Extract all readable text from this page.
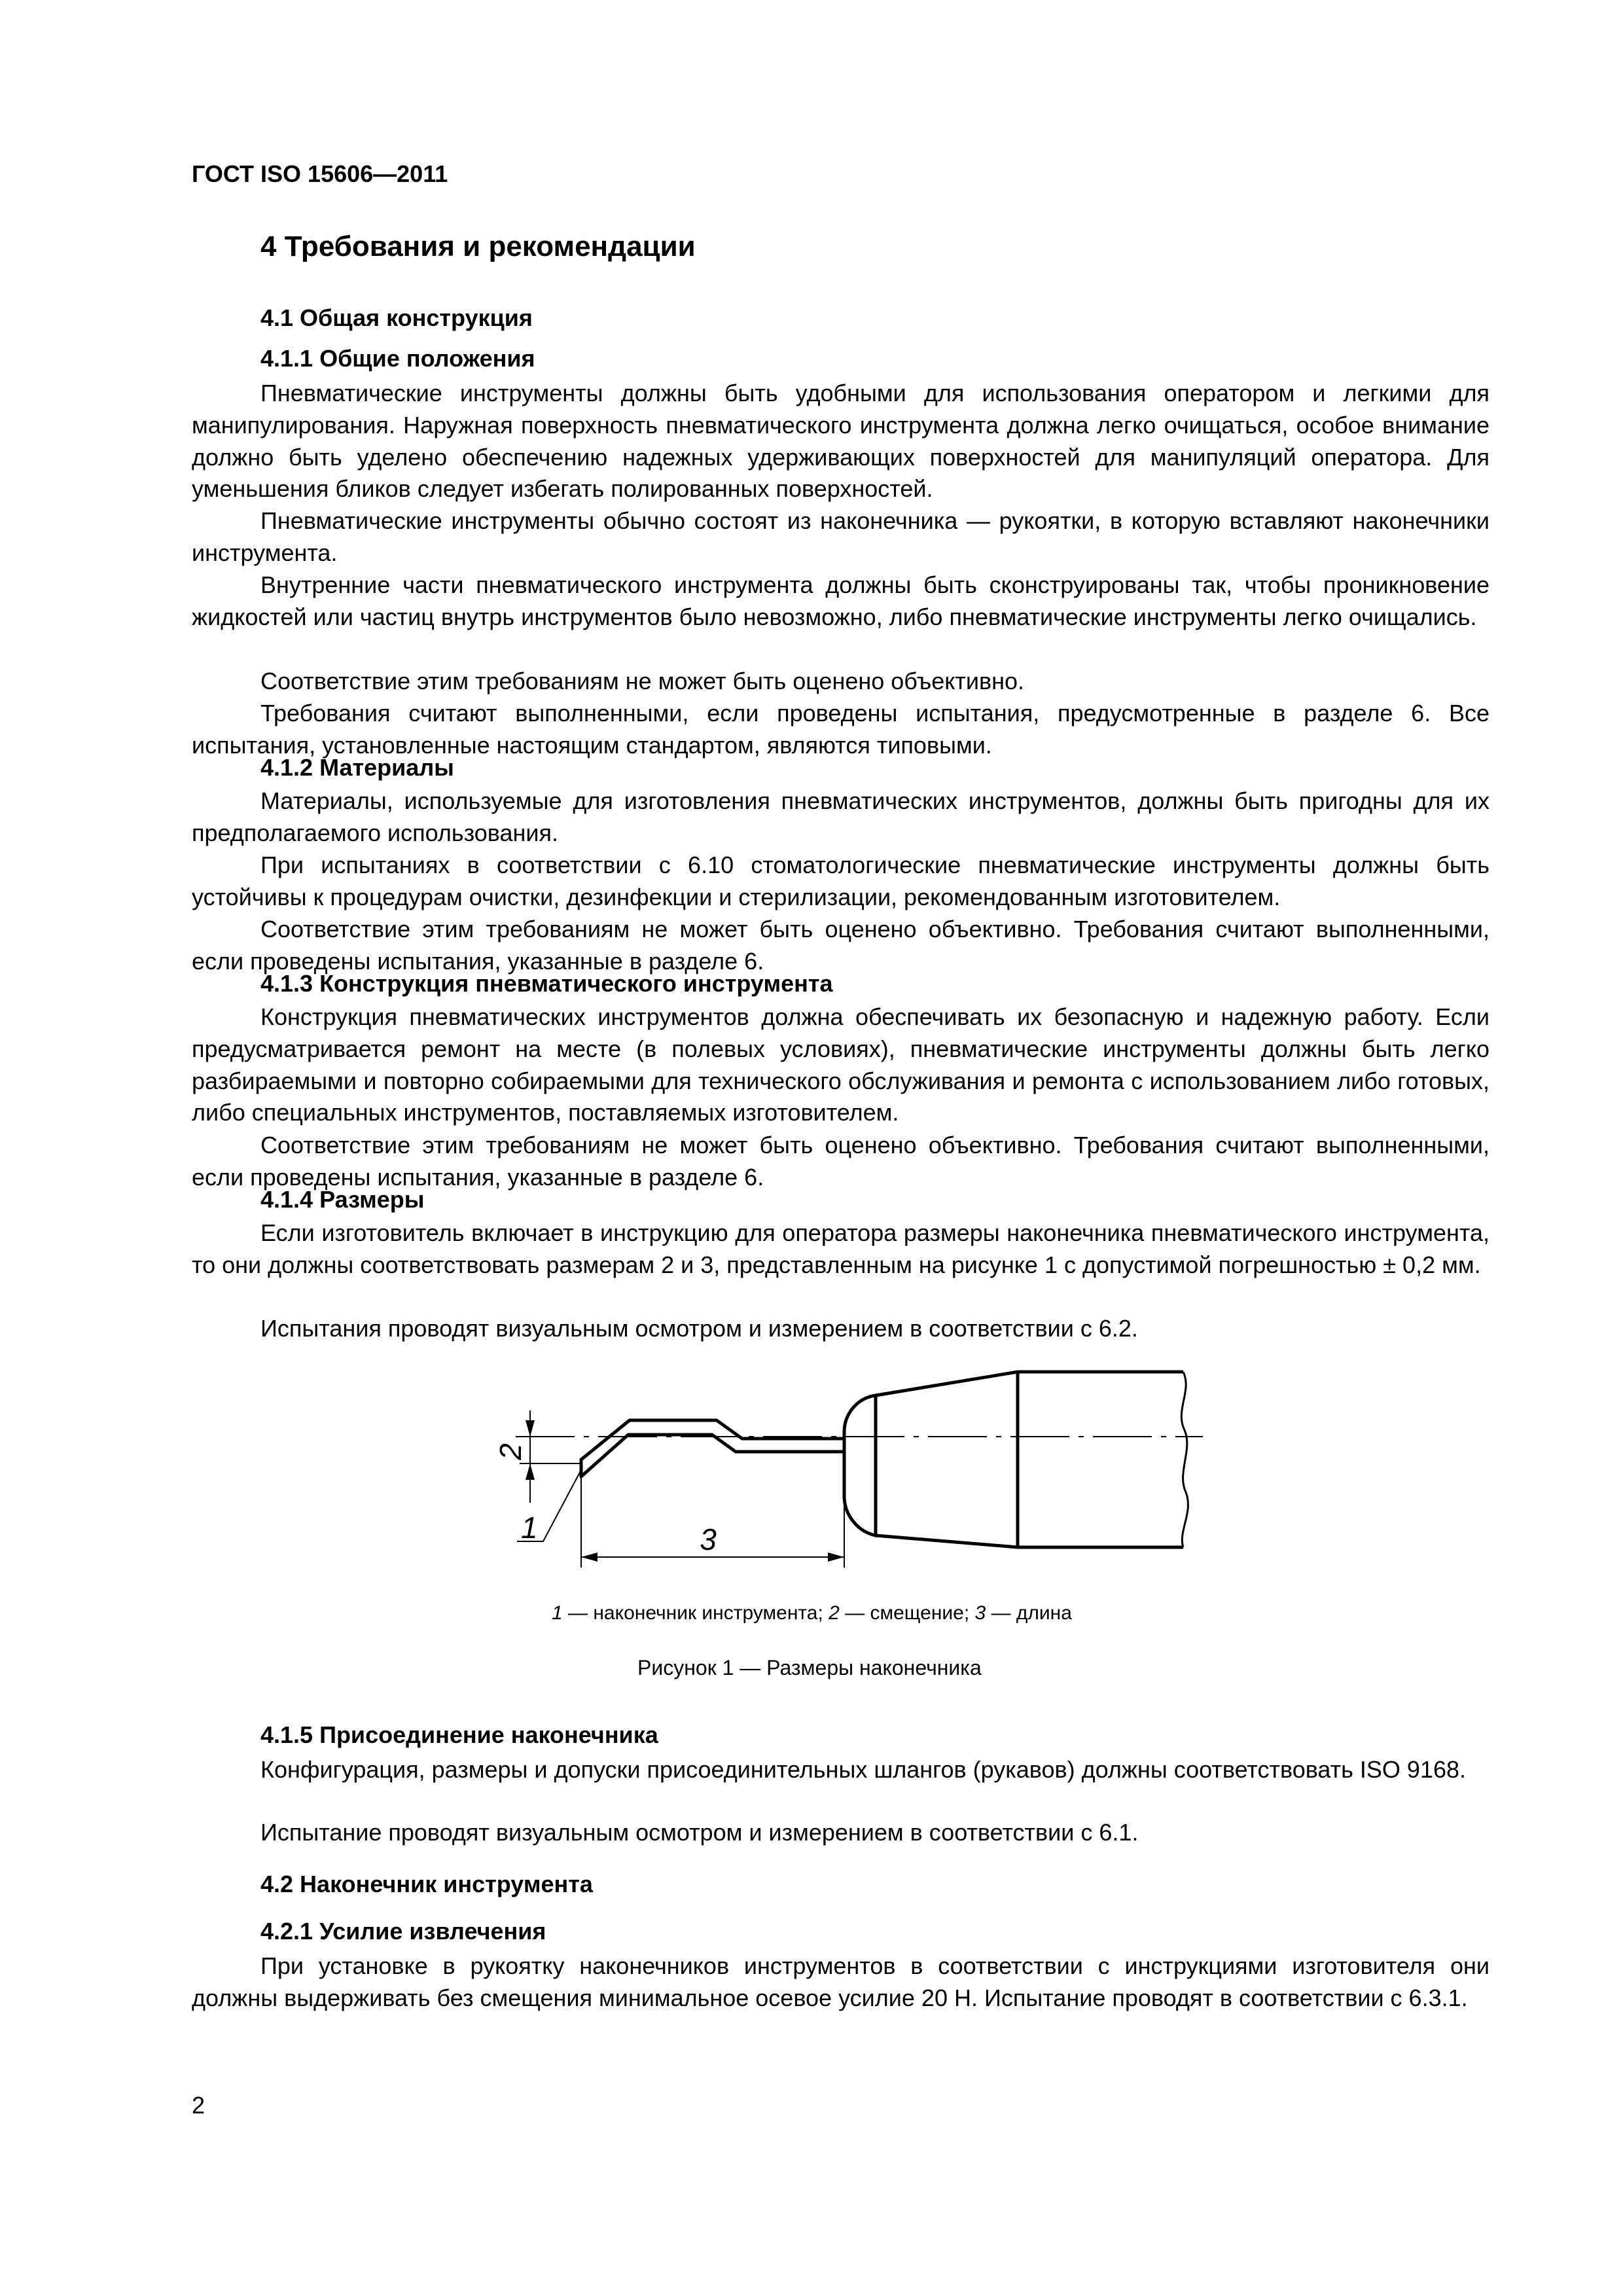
ГОСТ ISO 15606—2011
4 Требования и рекомендации
4.1 Общая конструкция
4.1.1 Общие положения

Пневматические инструменты должны быть удобными для использования оператором и легкими для манипулирования. Наружная поверхность пневматического инструмента должна легко очищаться, особое внимание должно быть уделено обеспечению надежных удерживающих поверхностей для манипуляций оператора. Для уменьшения бликов следует избегать полированных поверхностей.

Пневматические инструменты обычно состоят из наконечника — рукоятки, в которую вставляют наконечники инструмента.

Внутренние части пневматического инструмента должны быть сконструированы так, чтобы проникновение жидкостей или частиц внутрь инструментов было невозможно, либо пневматические инструменты легко очищались.

Соответствие этим требованиям не может быть оценено объективно.

Требования считают выполненными, если проведены испытания, предусмотренные в разделе 6. Все испытания, установленные настоящим стандартом, являются типовыми.

4.1.2 Материалы

Материалы, используемые для изготовления пневматических инструментов, должны быть пригодны для их предполагаемого использования.

При испытаниях в соответствии с 6.10 стоматологические пневматические инструменты должны быть устойчивы к процедурам очистки, дезинфекции и стерилизации, рекомендованным изготовителем.

Соответствие этим требованиям не может быть оценено объективно. Требования считают выполненными, если проведены испытания, указанные в разделе 6.

4.1.3 Конструкция пневматического инструмента

Конструкция пневматических инструментов должна обеспечивать их безопасную и надежную работу. Если предусматривается ремонт на месте (в полевых условиях), пневматические инструменты должны быть легко разбираемыми и повторно собираемыми для технического обслуживания и ремонта с использованием либо готовых, либо специальных инструментов, поставляемых изготовителем.

Соответствие этим требованиям не может быть оценено объективно. Требования считают выполненными, если проведены испытания, указанные в разделе 6.

4.1.4 Размеры

Если изготовитель включает в инструкцию для оператора размеры наконечника пневматического инструмента, то они должны соответствовать размерам 2 и 3, представленным на рисунке 1 с допустимой погрешностью ± 0,2 мм.

Испытания проводят визуальным осмотром и измерением в соответствии с 6.2.

2
1	3
1 — наконечник инструмента; 2 — смещение; 3 — длина
Рисунок 1 — Размеры наконечника
4.1.5 Присоединение наконечника

Конфигурация, размеры и допуски присоединительных шлангов (рукавов) должны соответствовать ISO 9168.

Испытание проводят визуальным осмотром и измерением в соответствии с 6.1.

4.2 Наконечник инструмента
4.2.1 Усилие извлечения

При установке в рукоятку наконечников инструментов в соответствии с инструкциями изготовителя они должны выдерживать без смещения минимальное осевое усилие 20 Н. Испытание проводят в соответствии с 6.3.1.

2
